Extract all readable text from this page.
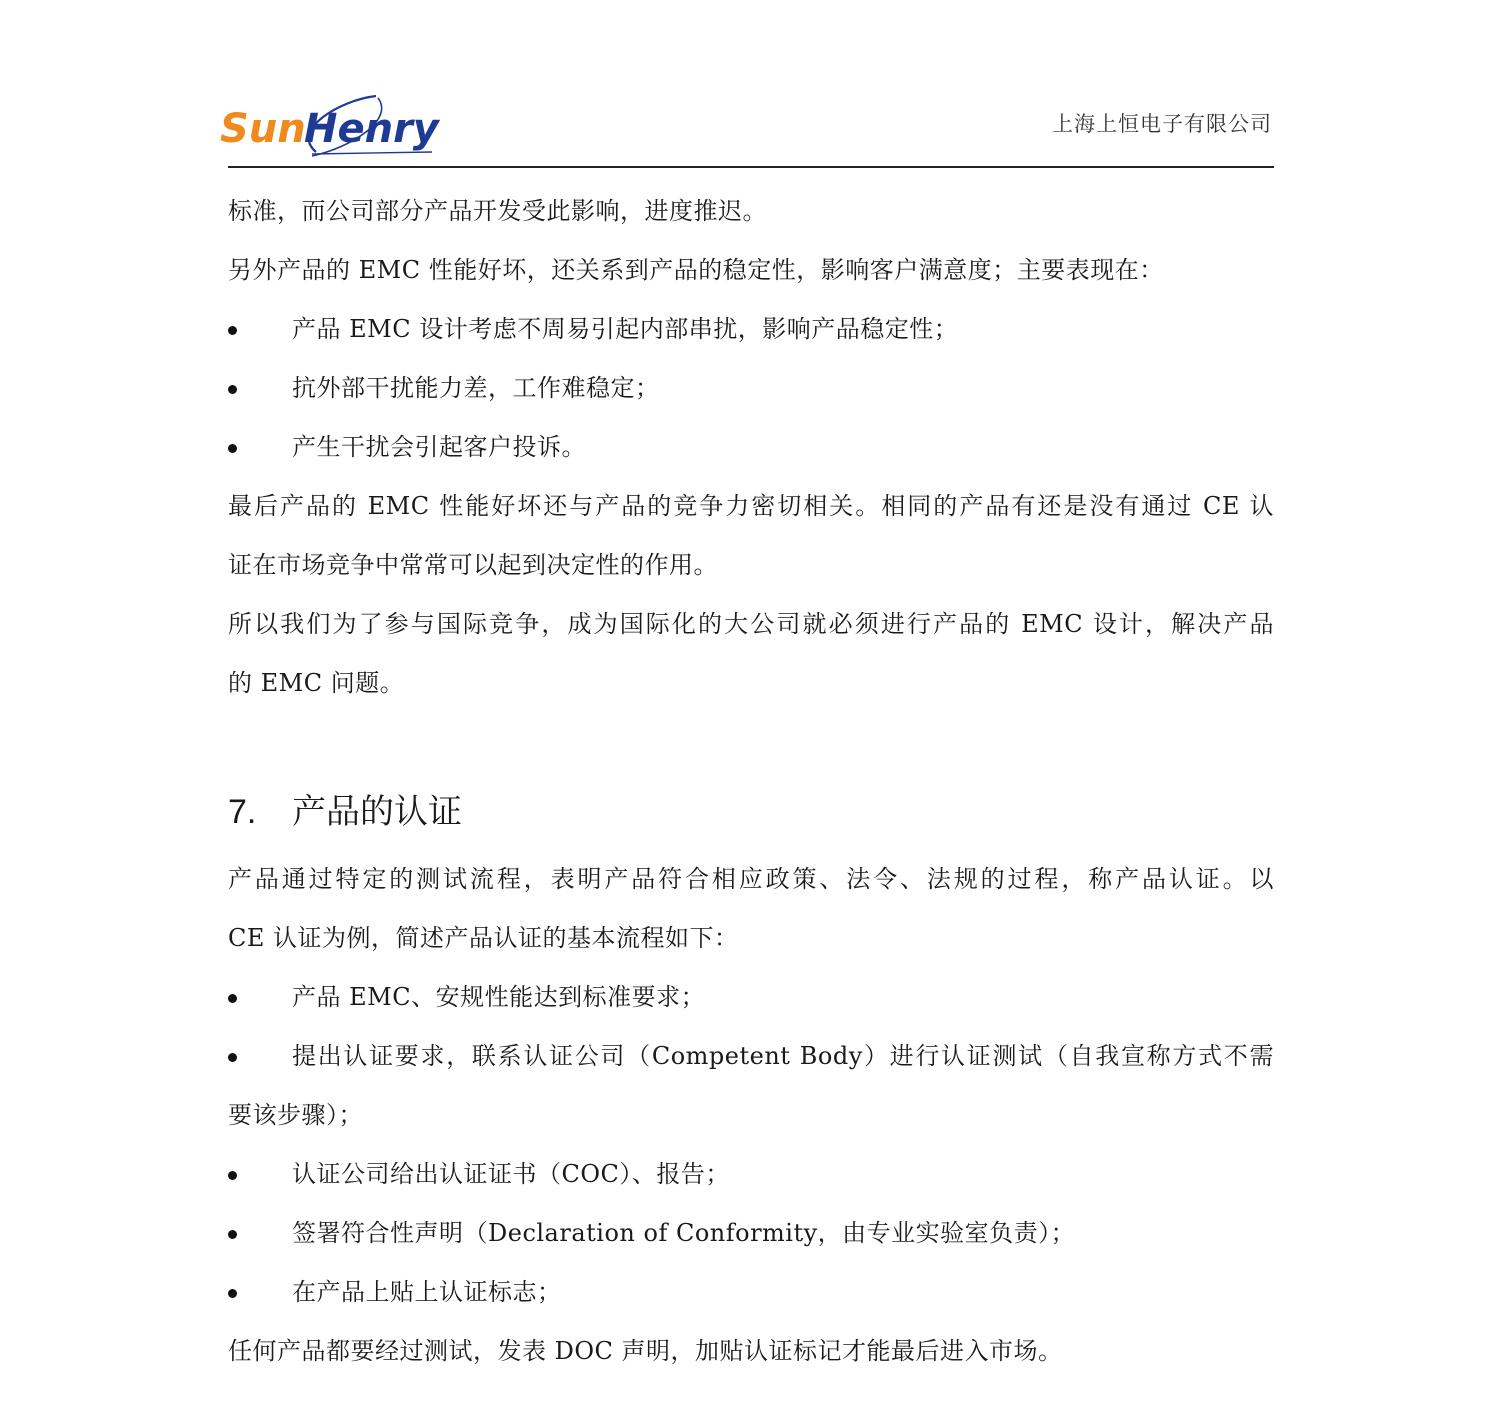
Sun
Henry	上海上恒电子有限公司
标准，而公司部分产品开发受此影响，进度推迟。
另外产品的 EMC 性能好坏，还关系到产品的稳定性，影响客户满意度；主要表现在：
产品 EMC 设计考虑不周易引起内部串扰，影响产品稳定性；
抗外部干扰能力差，工作难稳定；
产生干扰会引起客户投诉。
最后产品的 EMC 性能好坏还与产品的竞争力密切相关。相同的产品有还是没有通过 CE 认
证在市场竞争中常常可以起到决定性的作用。
所以我们为了参与国际竞争，成为国际化的大公司就必须进行产品的 EMC 设计，解决产品
的 EMC 问题。
7. 产品的认证
产品通过特定的测试流程，表明产品符合相应政策、法令、法规的过程，称产品认证。以
CE 认证为例，简述产品认证的基本流程如下：
产品 EMC、安规性能达到标准要求；
提出认证要求，联系认证公司（Competent Body）进行认证测试（自我宣称方式不需
要该步骤）；
认证公司给出认证证书（COC）、报告；
签署符合性声明（Declaration of Conformity，由专业实验室负责）；
在产品上贴上认证标志；
任何产品都要经过测试，发表 DOC 声明，加贴认证标记才能最后进入市场。
